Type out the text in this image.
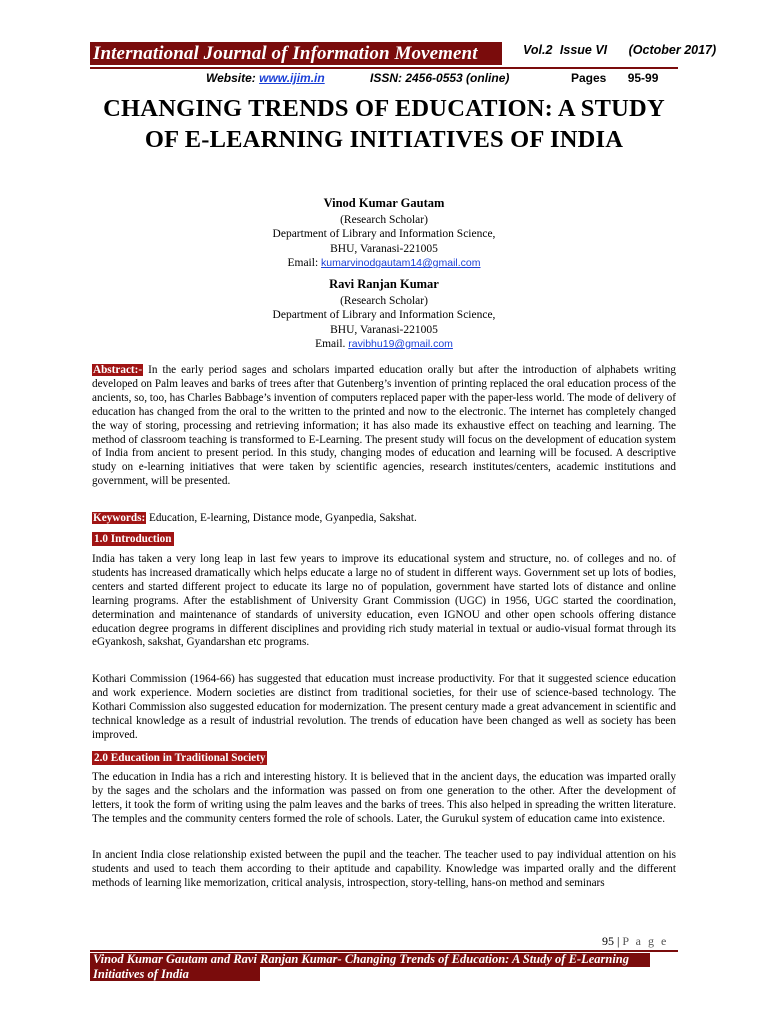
International Journal of Information Movement	Vol.2 Issue VI (October 2017)
Website: www.ijim.in	ISSN: 2456-0553 (online)	Pages 95-99
CHANGING TRENDS OF EDUCATION: A STUDY OF E-LEARNING INITIATIVES OF INDIA
Vinod Kumar Gautam
(Research Scholar)
Department of Library and Information Science,
BHU, Varanasi-221005
Email: kumarvinodgautam14@gmail.com
Ravi Ranjan Kumar
(Research Scholar)
Department of Library and Information Science,
BHU, Varanasi-221005
Email. ravibhu19@gmail.com
Abstract:- In the early period sages and scholars imparted education orally but after the introduction of alphabets writing developed on Palm leaves and barks of trees after that Gutenberg’s invention of printing replaced the oral education process of the ancients, so, too, has Charles Babbage’s invention of computers replaced paper with the paper-less world. The mode of delivery of education has changed from the oral to the written to the printed and now to the electronic. The internet has completely changed the way of storing, processing and retrieving information; it has also made its exhaustive effect on teaching and learning. The method of classroom teaching is transformed to E-Learning. The present study will focus on the development of education system of India from ancient to present period. In this study, changing modes of education and learning will be focused. A descriptive study on e-learning initiatives that were taken by scientific agencies, research institutes/centers, academic institutions and government, will be presented.
Keywords: Education, E-learning, Distance mode, Gyanpedia, Sakshat.
1.0 Introduction
India has taken a very long leap in last few years to improve its educational system and structure, no. of colleges and no. of students has increased dramatically which helps educate a large no of student in different ways. Government set up lots of bodies, centers and started different project to educate its large no of population, government have started lots of distance and online learning programs. After the establishment of University Grant Commission (UGC) in 1956, UGC started the coordination, determination and maintenance of standards of university education, even IGNOU and other open schools offering distance education degree programs in different disciplines and providing rich study material in textual or audio-visual format through its eGyankosh, sakshat, Gyandarshan etc programs.
Kothari Commission (1964-66) has suggested that education must increase productivity. For that it suggested science education and work experience. Modern societies are distinct from traditional societies, for their use of science-based technology. The Kothari Commission also suggested education for modernization. The present century made a great advancement in scientific and technical knowledge as a result of industrial revolution. The trends of education have been changed as well as society has been improved.
2.0 Education in Traditional Society
The education in India has a rich and interesting history. It is believed that in the ancient days, the education was imparted orally by the sages and the scholars and the information was passed on from one generation to the other. After the development of letters, it took the form of writing using the palm leaves and the barks of trees. This also helped in spreading the written literature. The temples and the community centers formed the role of schools. Later, the Gurukul system of education came into existence.
In ancient India close relationship existed between the pupil and the teacher. The teacher used to pay individual attention on his students and used to teach them according to their aptitude and capability. Knowledge was imparted orally and the different methods of learning like memorization, critical analysis, introspection, story-telling, hans-on method and seminars
95 | P a g e
Vinod Kumar Gautam and Ravi Ranjan Kumar- Changing Trends of Education: A Study of E-Learning Initiatives of India
